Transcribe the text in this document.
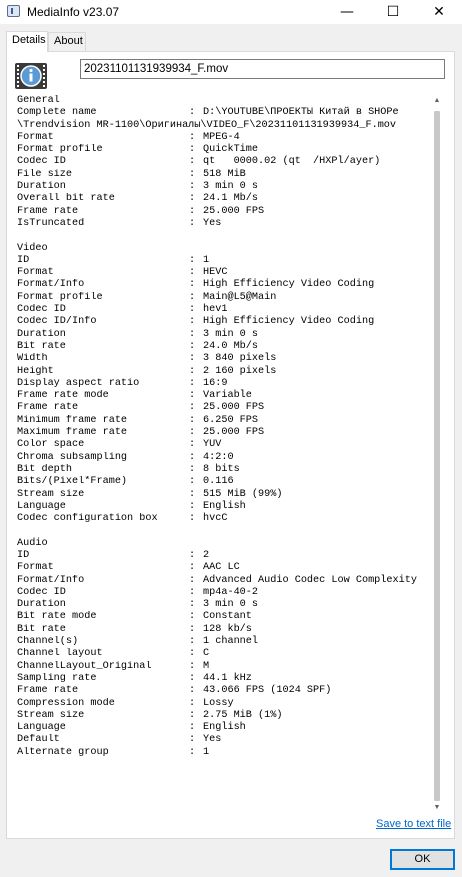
MediaInfo v23.07	—	☐	✕
Details About
20231101131939934_F.mov
General
Complete name	: D:\YOUTUBE\ПРОЕКТЫ Китай в SHOPе
\Trendvision MR-1100\Оригиналы\VIDEO_F\20231101131939934_F.mov
Format	: MPEG-4
Format profile	: QuickTime
Codec ID	: qt   0000.02 (qt  /HXPl/ayer)
File size	: 518 MiB
Duration	: 3 min 0 s
Overall bit rate	: 24.1 Mb/s
Frame rate	: 25.000 FPS
IsTruncated	: Yes
Video
ID	: 1
Format	: HEVC
Format/Info	: High Efficiency Video Coding
Format profile	: Main@L5@Main
Codec ID	: hev1
Codec ID/Info	: High Efficiency Video Coding
Duration	: 3 min 0 s
Bit rate	: 24.0 Mb/s
Width	: 3 840 pixels
Height	: 2 160 pixels
Display aspect ratio	: 16:9
Frame rate mode	: Variable
Frame rate	: 25.000 FPS
Minimum frame rate	: 6.250 FPS
Maximum frame rate	: 25.000 FPS
Color space	: YUV
Chroma subsampling	: 4:2:0
Bit depth	: 8 bits
Bits/(Pixel*Frame)	: 0.116
Stream size	: 515 MiB (99%)
Language	: English
Codec configuration box	: hvcC
Audio
ID	: 2
Format	: AAC LC
Format/Info	: Advanced Audio Codec Low Complexity
Codec ID	: mp4a-40-2
Duration	: 3 min 0 s
Bit rate mode	: Constant
Bit rate	: 128 kb/s
Channel(s)	: 1 channel
Channel layout	: C
ChannelLayout_Original	: M
Sampling rate	: 44.1 kHz
Frame rate	: 43.066 FPS (1024 SPF)
Compression mode	: Lossy
Stream size	: 2.75 MiB (1%)
Language	: English
Default	: Yes
Alternate group	: 1
▲
▼
Save to text file
OK
